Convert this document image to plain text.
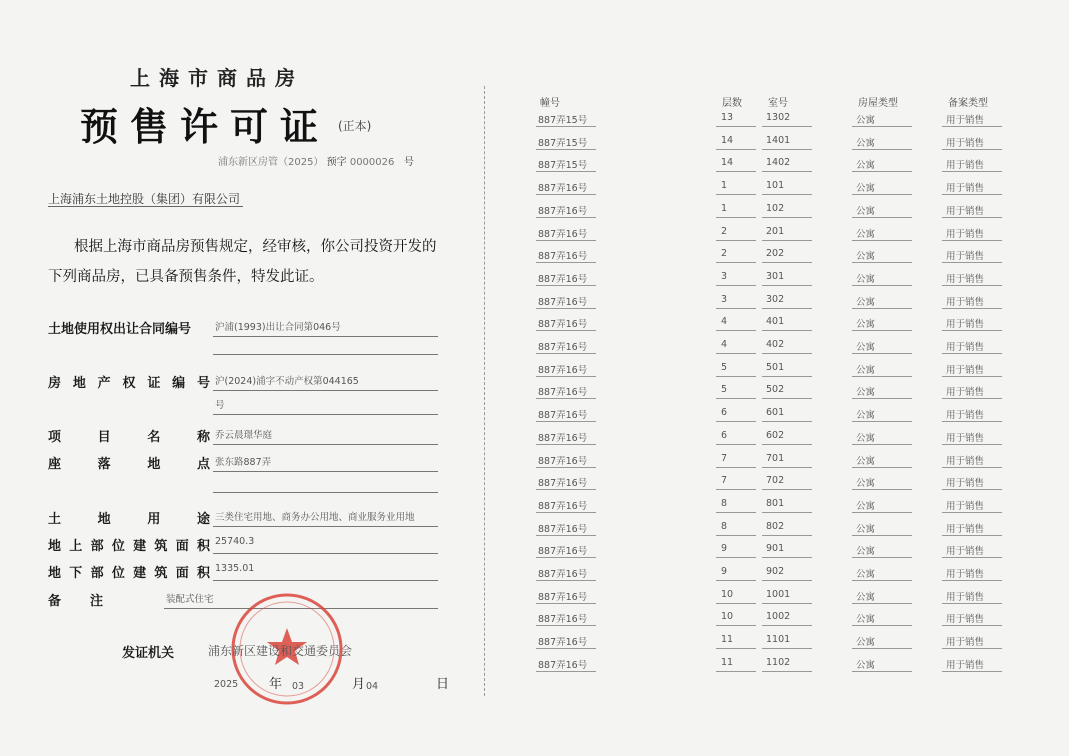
上海市商品房
预售许可证 (正本)
浦东新区房管（2025） 预字 0000026 号
上海浦东土地控股（集团）有限公司
根据上海市商品房预售规定，经审核，你公司投资开发的下列商品房，已具备预售条件，特发此证。
土地使用权出让合同编号	沪浦(1993)出让合同第046号
房 地 产 权 证 编 号 沪(2024)浦字不动产权第044165
号
项	目	名	称 乔云晨璟华庭
座	落	地	点 张东路887弄
土	地	用	途 三类住宅用地、商务办公用地、商业服务业用地
地 上 部 位 建 筑 面 积 25740.3
地 下 部 位 建 筑 面 积 1335.01
备 注	装配式住宅
发证机关	浦东新区建设和交通委员会
2025 年 03	月 04	日
幢号	层数	室号	房屋类型	备案类型
887弄15号	13	1302	公寓	用于销售
887弄15号	14	1401	公寓	用于销售
887弄15号	14	1402	公寓	用于销售
887弄16号	1	101	公寓	用于销售
887弄16号	1	102	公寓	用于销售
887弄16号	2	201	公寓	用于销售
887弄16号	2	202	公寓	用于销售
887弄16号	3	301	公寓	用于销售
887弄16号	3	302	公寓	用于销售
887弄16号	4	401	公寓	用于销售
887弄16号	4	402	公寓	用于销售
887弄16号	5	501	公寓	用于销售
887弄16号	5	502	公寓	用于销售
887弄16号	6	601	公寓	用于销售
887弄16号	6	602	公寓	用于销售
887弄16号	7	701	公寓	用于销售
887弄16号	7	702	公寓	用于销售
887弄16号	8	801	公寓	用于销售
887弄16号	8	802	公寓	用于销售
887弄16号	9	901	公寓	用于销售
887弄16号	9	902	公寓	用于销售
887弄16号	10	1001	公寓	用于销售
887弄16号	10	1002	公寓	用于销售
887弄16号	11	1101	公寓	用于销售
887弄16号	11	1102	公寓	用于销售
